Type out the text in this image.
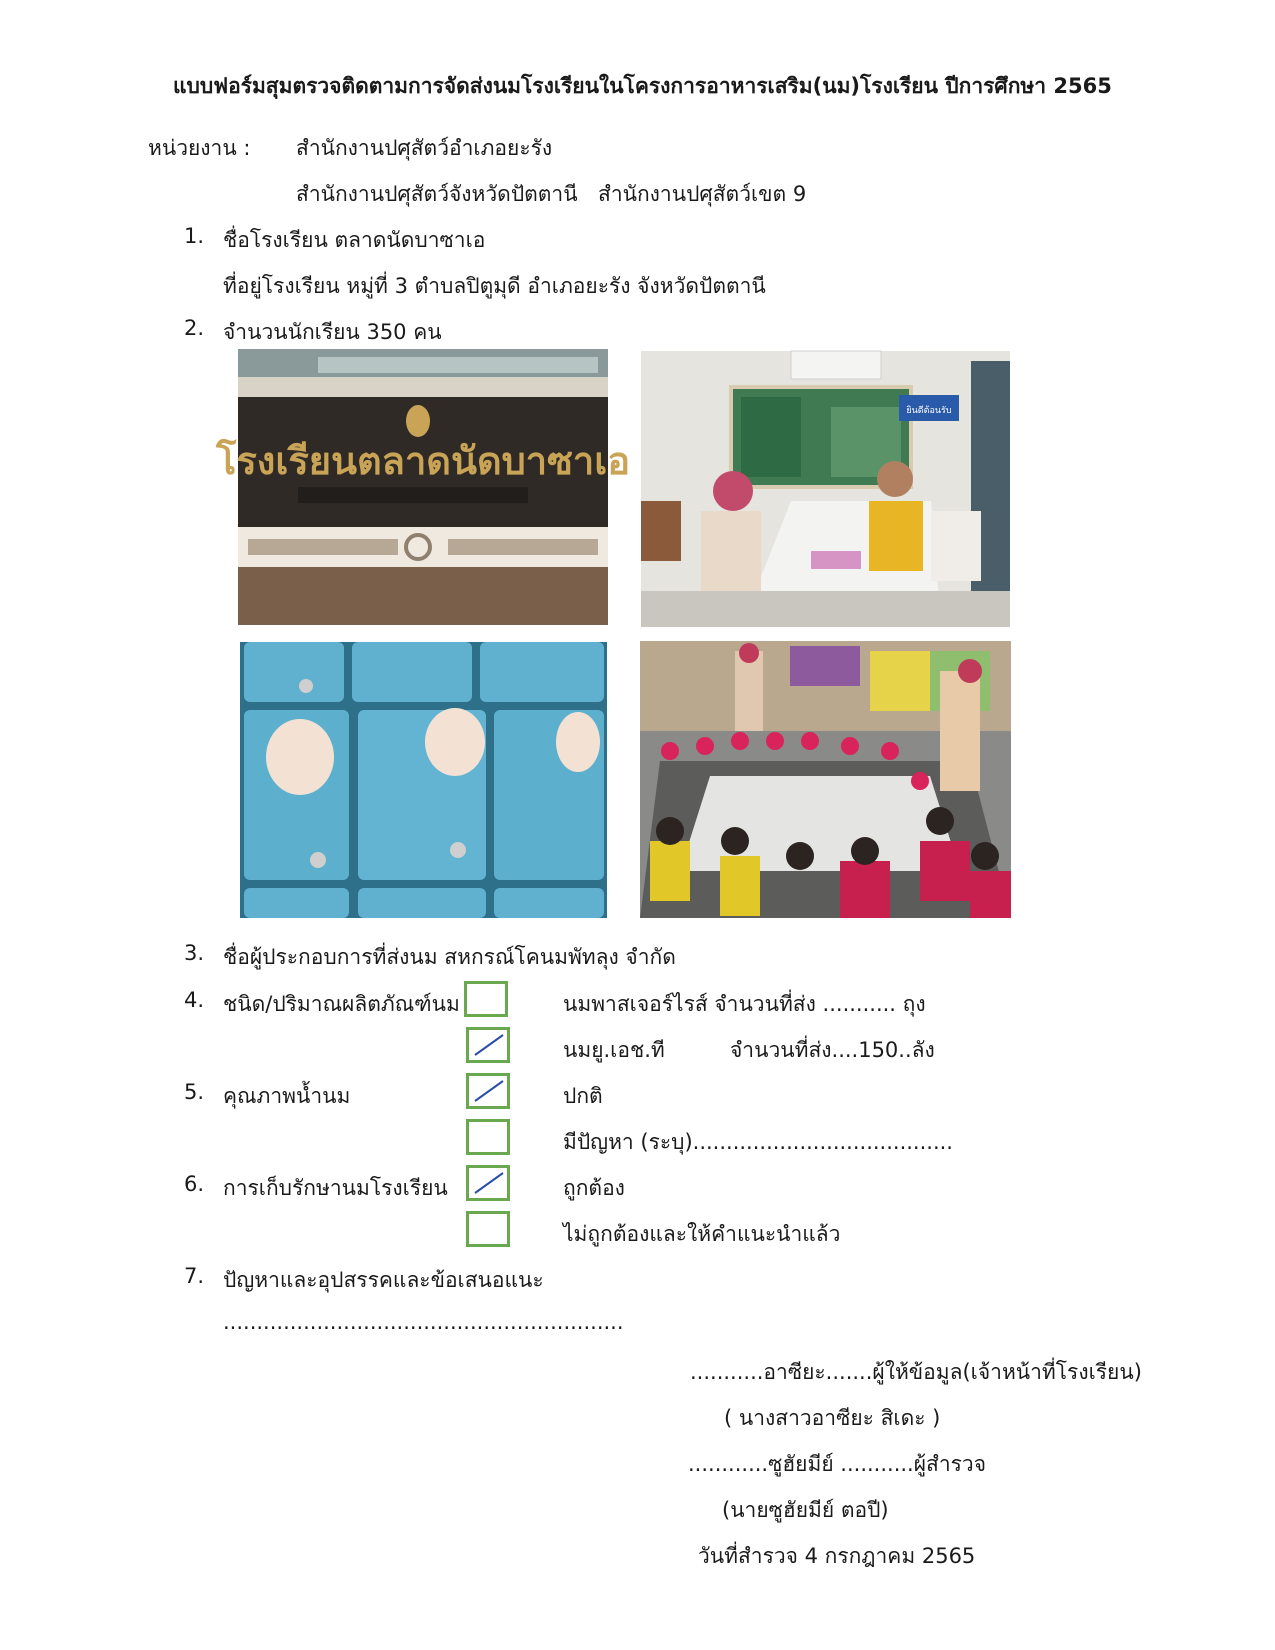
แบบฟอร์มสุมตรวจติดตามการจัดส่งนมโรงเรียนในโครงการอาหารเสริม(นม)โรงเรียน ปีการศึกษา 2565
หน่วยงาน : สำนักงานปศุสัตว์อำเภอยะรัง
สำนักงานปศุสัตว์จังหวัดปัตตานี สำนักงานปศุสัตว์เขต 9
1. ชื่อโรงเรียน ตลาดนัดบาซาเอ
ที่อยู่โรงเรียน หมู่ที่ 3 ตำบลปิตูมุดี อำเภอยะรัง จังหวัดปัตตานี
2. จำนวนนักเรียน 350 คน
โรงเรียนตลาดนัดบาซาเอ
ยินดีต้อนรับ
3. ชื่อผู้ประกอบการที่ส่งนม สหกรณ์โคนมพัทลุง จำกัด
4. ชนิด/ปริมาณผลิตภัณฑ์นม	นมพาสเจอร์ไรส์ จำนวนที่ส่ง ........... ถุง
นมยู.เอช.ที	จำนวนที่ส่ง....150..ลัง
5. คุณภาพน้ำนม	ปกติ
มีปัญหา (ระบุ).......................................
6. การเก็บรักษานมโรงเรียน	ถูกต้อง
ไม่ถูกต้องและให้คำแนะนำแล้ว
7. ปัญหาและอุปสรรคและข้อเสนอแนะ
............................................................
...........อาซียะ.......ผู้ให้ข้อมูล(เจ้าหน้าที่โรงเรียน)
( นางสาวอาซียะ สิเดะ )
............ซูฮัยมีย์ ...........ผู้สำรวจ
(นายซูฮัยมีย์ ตอปี)
วันที่สำรวจ 4 กรกฎาคม 2565
